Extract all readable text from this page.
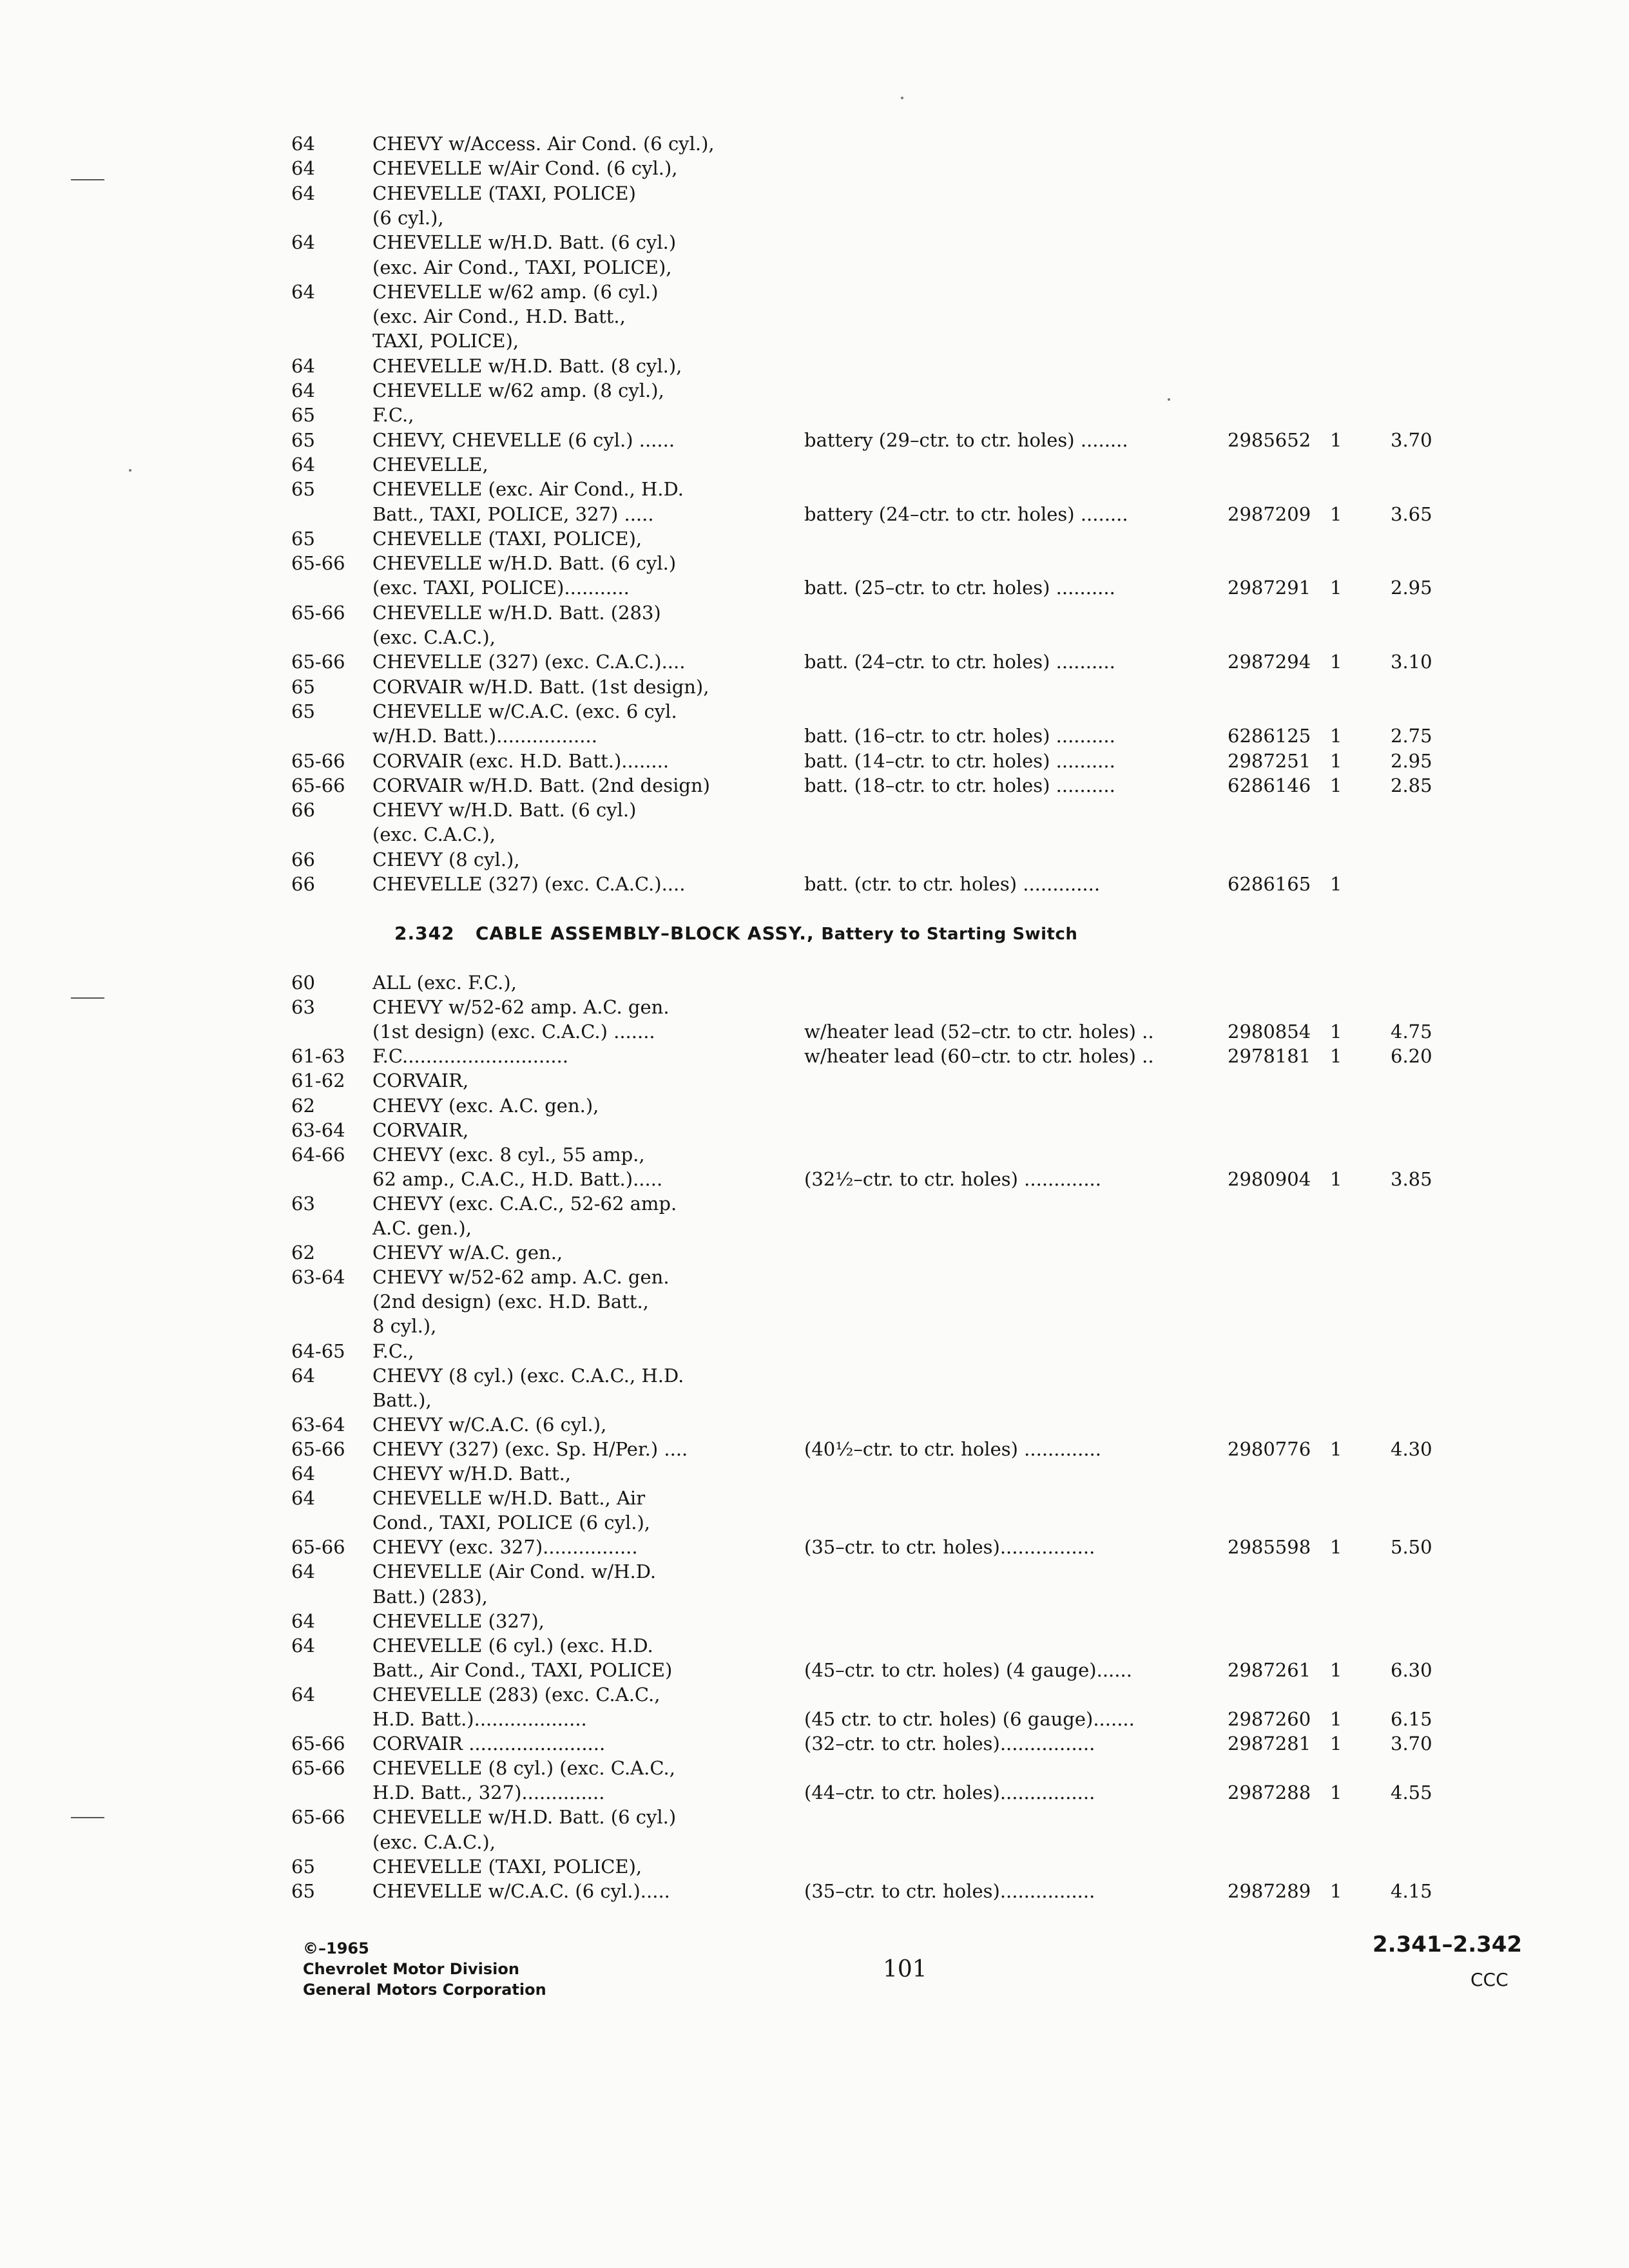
64	CHEVY w/Access. Air Cond. (6 cyl.),
64	CHEVELLE w/Air Cond. (6 cyl.),
64	CHEVELLE (TAXI, POLICE)
(6 cyl.),
64	CHEVELLE w/H.D. Batt. (6 cyl.)
(exc. Air Cond., TAXI, POLICE),
64	CHEVELLE w/62 amp. (6 cyl.)
(exc. Air Cond., H.D. Batt.,
TAXI, POLICE),
64	CHEVELLE w/H.D. Batt. (8 cyl.),
64	CHEVELLE w/62 amp. (8 cyl.),
65	F.C.,
65	CHEVY, CHEVELLE (6 cyl.) ......	battery (29–ctr. to ctr. holes) ........	2985652 1	3.70
64	CHEVELLE,
65	CHEVELLE (exc. Air Cond., H.D.
Batt., TAXI, POLICE, 327) .....	battery (24–ctr. to ctr. holes) ........	2987209 1	3.65
65	CHEVELLE (TAXI, POLICE),
65-66 CHEVELLE w/H.D. Batt. (6 cyl.)
(exc. TAXI, POLICE)...........	batt. (25–ctr. to ctr. holes) ..........	2987291 1	2.95
65-66 CHEVELLE w/H.D. Batt. (283)
(exc. C.A.C.),
65-66 CHEVELLE (327) (exc. C.A.C.)....	batt. (24–ctr. to ctr. holes) ..........	2987294 1	3.10
65	CORVAIR w/H.D. Batt. (1st design),
65	CHEVELLE w/C.A.C. (exc. 6 cyl.
w/H.D. Batt.).................	batt. (16–ctr. to ctr. holes) ..........	6286125 1	2.75
65-66 CORVAIR (exc. H.D. Batt.)........	batt. (14–ctr. to ctr. holes) ..........	2987251 1	2.95
65-66 CORVAIR w/H.D. Batt. (2nd design)	batt. (18–ctr. to ctr. holes) ..........	6286146 1	2.85
66	CHEVY w/H.D. Batt. (6 cyl.)
(exc. C.A.C.),
66	CHEVY (8 cyl.),
66	CHEVELLE (327) (exc. C.A.C.)....	batt. (ctr. to ctr. holes) .............	6286165 1
2.342 CABLE ASSEMBLY–BLOCK ASSY., Battery to Starting Switch
60	ALL (exc. F.C.),
63	CHEVY w/52-62 amp. A.C. gen.
(1st design) (exc. C.A.C.) .......	w/heater lead (52–ctr. to ctr. holes) ..	2980854 1	4.75
61-63 F.C............................	w/heater lead (60–ctr. to ctr. holes) ..	2978181 1	6.20
61-62 CORVAIR,
62	CHEVY (exc. A.C. gen.),
63-64 CORVAIR,
64-66 CHEVY (exc. 8 cyl., 55 amp.,
62 amp., C.A.C., H.D. Batt.).....	(32½–ctr. to ctr. holes) .............	2980904 1	3.85
63	CHEVY (exc. C.A.C., 52-62 amp.
A.C. gen.),
62	CHEVY w/A.C. gen.,
63-64 CHEVY w/52-62 amp. A.C. gen.
(2nd design) (exc. H.D. Batt.,
8 cyl.),
64-65 F.C.,
64	CHEVY (8 cyl.) (exc. C.A.C., H.D.
Batt.),
63-64 CHEVY w/C.A.C. (6 cyl.),
65-66 CHEVY (327) (exc. Sp. H/Per.) ....	(40½–ctr. to ctr. holes) .............	2980776 1	4.30
64	CHEVY w/H.D. Batt.,
64	CHEVELLE w/H.D. Batt., Air
Cond., TAXI, POLICE (6 cyl.),
65-66 CHEVY (exc. 327)................	(35–ctr. to ctr. holes)................	2985598 1	5.50
64	CHEVELLE (Air Cond. w/H.D.
Batt.) (283),
64	CHEVELLE (327),
64	CHEVELLE (6 cyl.) (exc. H.D.
Batt., Air Cond., TAXI, POLICE)	(45–ctr. to ctr. holes) (4 gauge)......	2987261 1	6.30
64	CHEVELLE (283) (exc. C.A.C.,
H.D. Batt.)...................	(45 ctr. to ctr. holes) (6 gauge).......	2987260 1	6.15
65-66 CORVAIR .......................	(32–ctr. to ctr. holes)................	2987281 1	3.70
65-66 CHEVELLE (8 cyl.) (exc. C.A.C.,
H.D. Batt., 327)..............	(44–ctr. to ctr. holes)................	2987288 1	4.55
65-66 CHEVELLE w/H.D. Batt. (6 cyl.)
(exc. C.A.C.),
65	CHEVELLE (TAXI, POLICE),
65	CHEVELLE w/C.A.C. (6 cyl.).....	(35–ctr. to ctr. holes)................	2987289 1	4.15
©–1965
Chevrolet Motor Division
General Motors Corporation
101
2.341–2.342
CCC
